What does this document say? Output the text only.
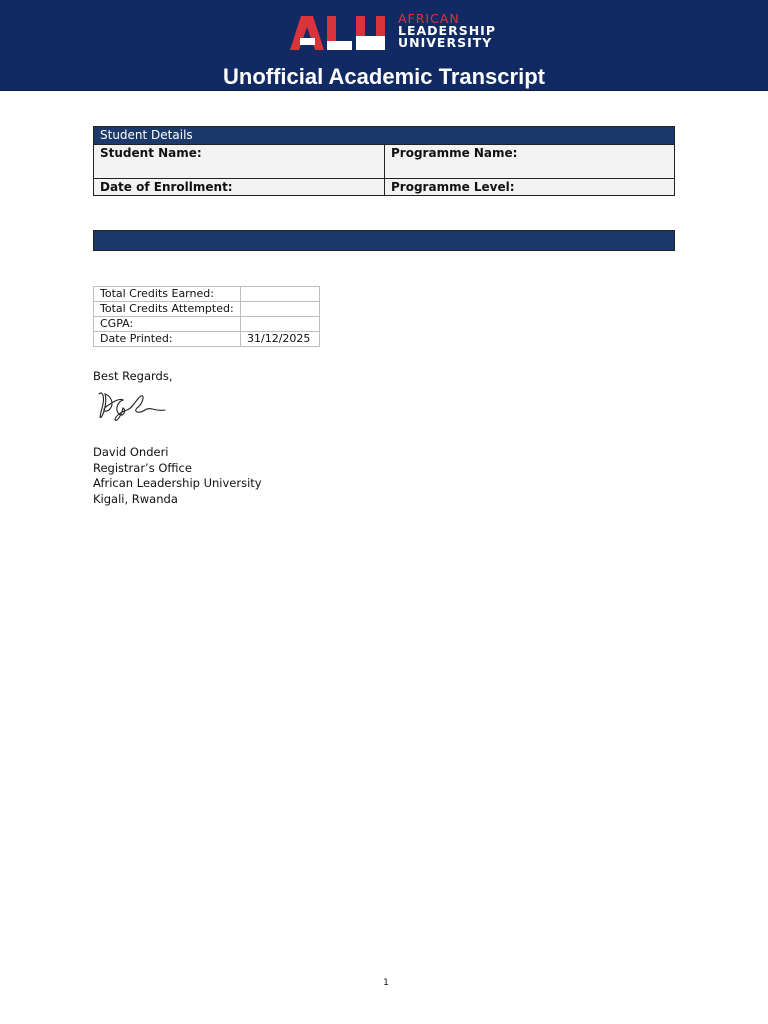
AFRICAN
LEADERSHIP
UNIVERSITY
Unofficial Academic Transcript
Student Details
Student Name:	Programme Name:
Date of Enrollment:	Programme Level:
Total Credits Earned:	
Total Credits Attempted:	
CGPA:	
Date Printed:	31/12/2025
Best Regards,
David Onderi
Registrar’s Office
African Leadership University
Kigali, Rwanda
1
